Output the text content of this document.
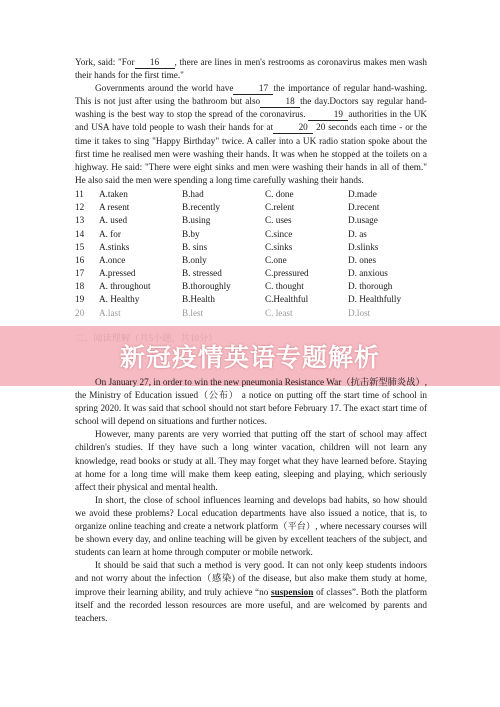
York, said: "For 16 , there are lines in men's restrooms as coronavirus makes men wash their hands for the first time."

Governments around the world have	17 the importance of regular hand-washing. This is not just after using the bathroom but also	18 the day.Doctors say regular hand-washing is the best way to stop the spread of the coronavirus.	19 authorities in the UK and USA have told people to wash their hands for at	20 20 seconds each time - or the time it takes to sing "Happy Birthday" twice. A caller into a UK radio station spoke about the first time he realised men were washing their hands. It was when he stopped at the toilets on a highway. He said: "There were eight sinks and men were washing their hands in all of them." He also said the men were spending a long time carefully washing their hands.

11	A.taken	B.had	C. done	D.made
12	A resent	B.recently	C.relent	D.recent
13	A. used	B.using	C. uses	D.usage
14	A. for	B.by	C.since	D. as
15	A.stinks	B. sins	C.sinks	D.slinks
16	A.once	B.only	C.one	D. ones
17	A.pressed	B. stressed	C.pressured	D. anxious
18	A. throughout	B.thoroughly	C. thought	D. thorough
19	A. Healthy	B.Health	C.Healthful	D. Healthfully
20	A.last	B.lest	C. least	D.lost
新冠疫情英语专题解析

On January 27, in order to win the new pneumonia Resistance War（抗击新型肺炎战）, the Ministry of Education issued（公布） a notice on putting off the start time of school in spring 2020. It was said that school should not start before February 17. The exact start time of school will depend on situations and further notices.

However, many parents are very worried that putting off the start of school may affect children's studies. If they have such a long winter vacation, children will not learn any knowledge, read books or study at all. They may forget what they have learned before. Staying at home for a long time will make them keep eating, sleeping and playing, which seriously affect their physical and mental health.

In short, the close of school influences learning and develops bad habits, so how should we avoid these problems? Local education departments have also issued a notice, that is, to organize online teaching and create a network platform（平台）, where necessary courses will be shown every day, and online teaching will be given by excellent teachers of the subject, and students can learn at home through computer or mobile network.

It should be said that such a method is very good. It can not only keep students indoors and not worry about the infection（感染) of the disease, but also make them study at home, improve their learning ability, and truly achieve “no suspension of classes”. Both the platform itself and the recorded lesson resources are more useful, and are welcomed by parents and teachers.
